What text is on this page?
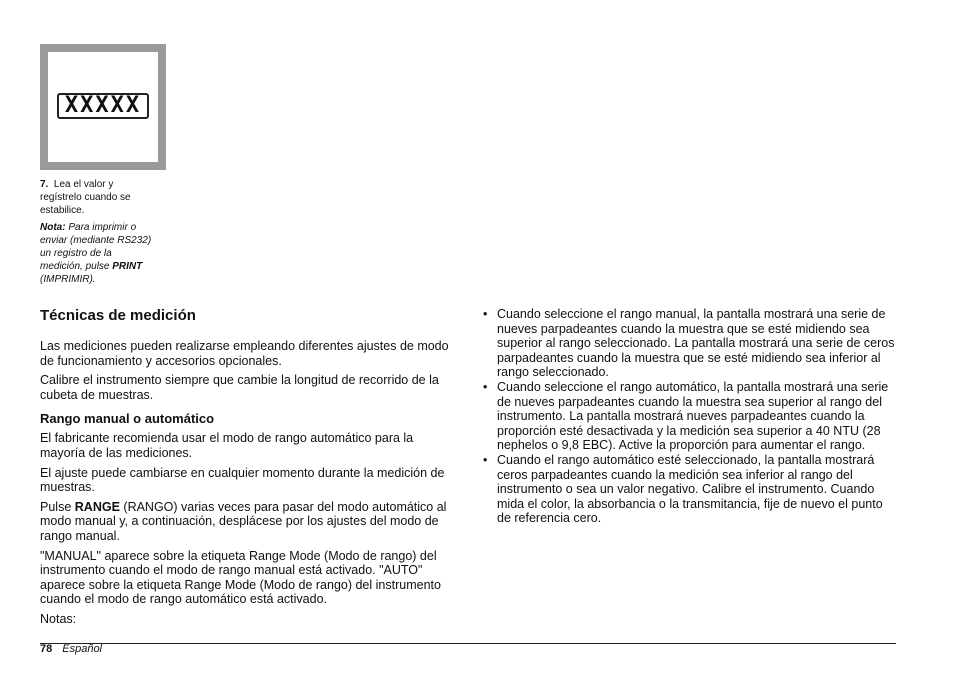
XXXXX

7. Lea el valor y regístrelo cuando se estabilice.

Nota: Para imprimir o enviar (mediante RS232) un registro de la medición, pulse PRINT (IMPRIMIR).

Técnicas de medición

Las mediciones pueden realizarse empleando diferentes ajustes de modo de funcionamiento y accesorios opcionales.

Calibre el instrumento siempre que cambie la longitud de recorrido de la cubeta de muestras.

Rango manual o automático

El fabricante recomienda usar el modo de rango automático para la mayoría de las mediciones.

El ajuste puede cambiarse en cualquier momento durante la medición de muestras.

Pulse RANGE (RANGO) varias veces para pasar del modo automático al modo manual y, a continuación, desplácese por los ajustes del modo de rango manual.

"MANUAL" aparece sobre la etiqueta Range Mode (Modo de rango) del instrumento cuando el modo de rango manual está activado. "AUTO" aparece sobre la etiqueta Range Mode (Modo de rango) del instrumento cuando el modo de rango automático está activado.

Notas:

• Cuando seleccione el rango manual, la pantalla mostrará una serie de nueves parpadeantes cuando la muestra que se esté midiendo sea superior al rango seleccionado. La pantalla mostrará una serie de ceros parpadeantes cuando la muestra que se esté midiendo sea inferior al rango seleccionado.
• Cuando seleccione el rango automático, la pantalla mostrará una serie de nueves parpadeantes cuando la muestra sea superior al rango del instrumento. La pantalla mostrará nueves parpadeantes cuando la proporción esté desactivada y la medición sea superior a 40 NTU (28 nephelos o 9,8 EBC). Active la proporción para aumentar el rango.
• Cuando el rango automático esté seleccionado, la pantalla mostrará ceros parpadeantes cuando la medición sea inferior al rango del instrumento o sea un valor negativo. Calibre el instrumento. Cuando mida el color, la absorbancia o la transmitancia, fije de nuevo el punto de referencia cero.
78 Español
